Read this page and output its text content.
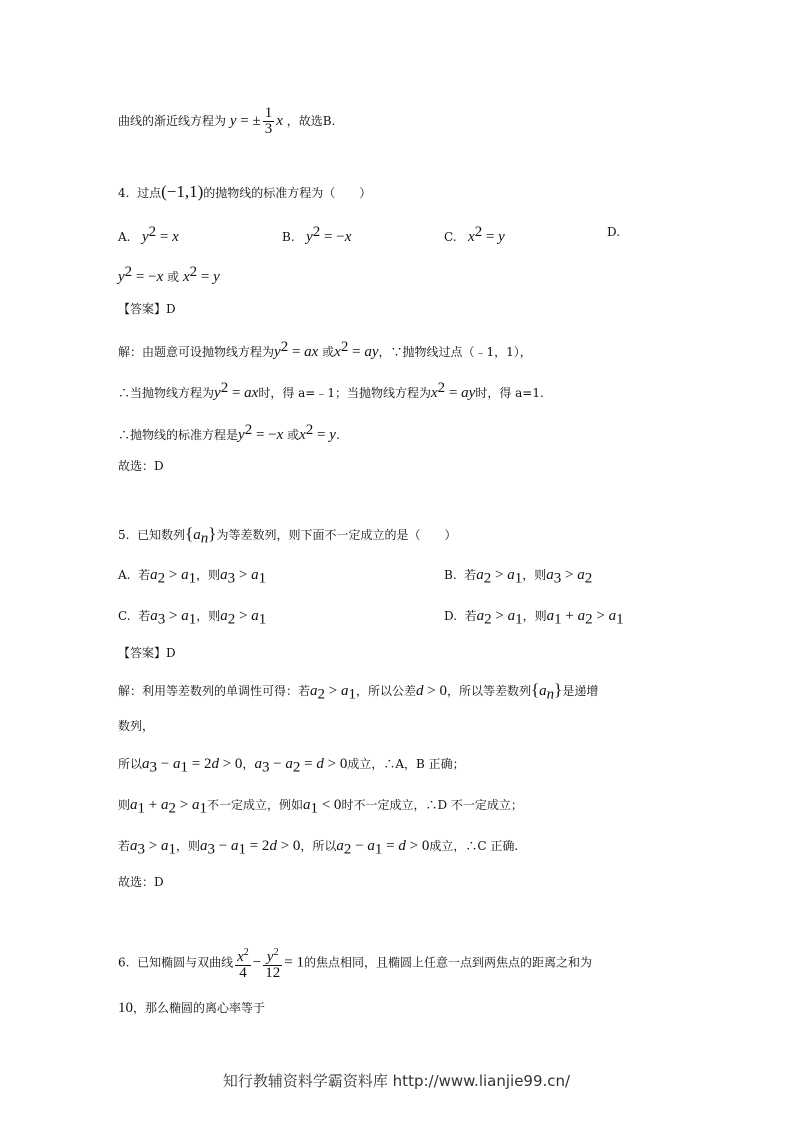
曲线的渐近线方程为 y = ± $\frac{1}{3}$ x ，故选B.
4. 过点(−1,1)的抛物线的标准方程为（　　）
A. $y^2 = x$	B. $y^2 = -x$	C. $x^2 = y$	D.
$y^2 = -x$ 或 $x^2 = y$
【答案】D
解：由题意可设抛物线方程为$y^2$ = ax 或$x^2$ = ay，∵抛物线过点（﹣1，1），
∴当抛物线方程为$y^2$ = ax时，得 a=﹣1；当抛物线方程为$x^2$ = ay时，得 a=1.
∴抛物线的标准方程是$y^2 = -x$ 或$x^2 = y$.
故选：D
5. 已知数列$\{a_n\}$为等差数列，则下面不一定成立的是（　　）
A. 若$a_2 > a_1$，则$a_3 > a_1$	B. 若$a_2 > a_1$，则$a_3 > a_2$
C. 若$a_3 > a_1$，则$a_2 > a_1$	D. 若$a_2 > a_1$，则$a_1 + a_2 > a_1$
【答案】D
解：利用等差数列的单调性可得：若$a_2 > a_1$，所以公差d > 0，所以等差数列$\{a_n\}$是递增
数列，
所以$a_3 - a_1 = 2d > 0$，$a_3 - a_2 = d > 0$成立，∴A，B 正确；
则$a_1 + a_2 > a_1$不一定成立，例如$a_1 < 0$时不一定成立，∴D 不一定成立；
若$a_3 > a_1$，则$a_3 - a_1 = 2d > 0$，所以$a_2 - a_1 = d > 0$成立，∴C 正确.
故选：D
6. 已知椭圆与双曲线 $\frac{x^2}{4} - \frac{y^2}{12} = 1$的焦点相同，且椭圆上任意一点到两焦点的距离之和为
10，那么椭圆的离心率等于
知行教辅资料学霸资料库 http://www.lianjie99.cn/
